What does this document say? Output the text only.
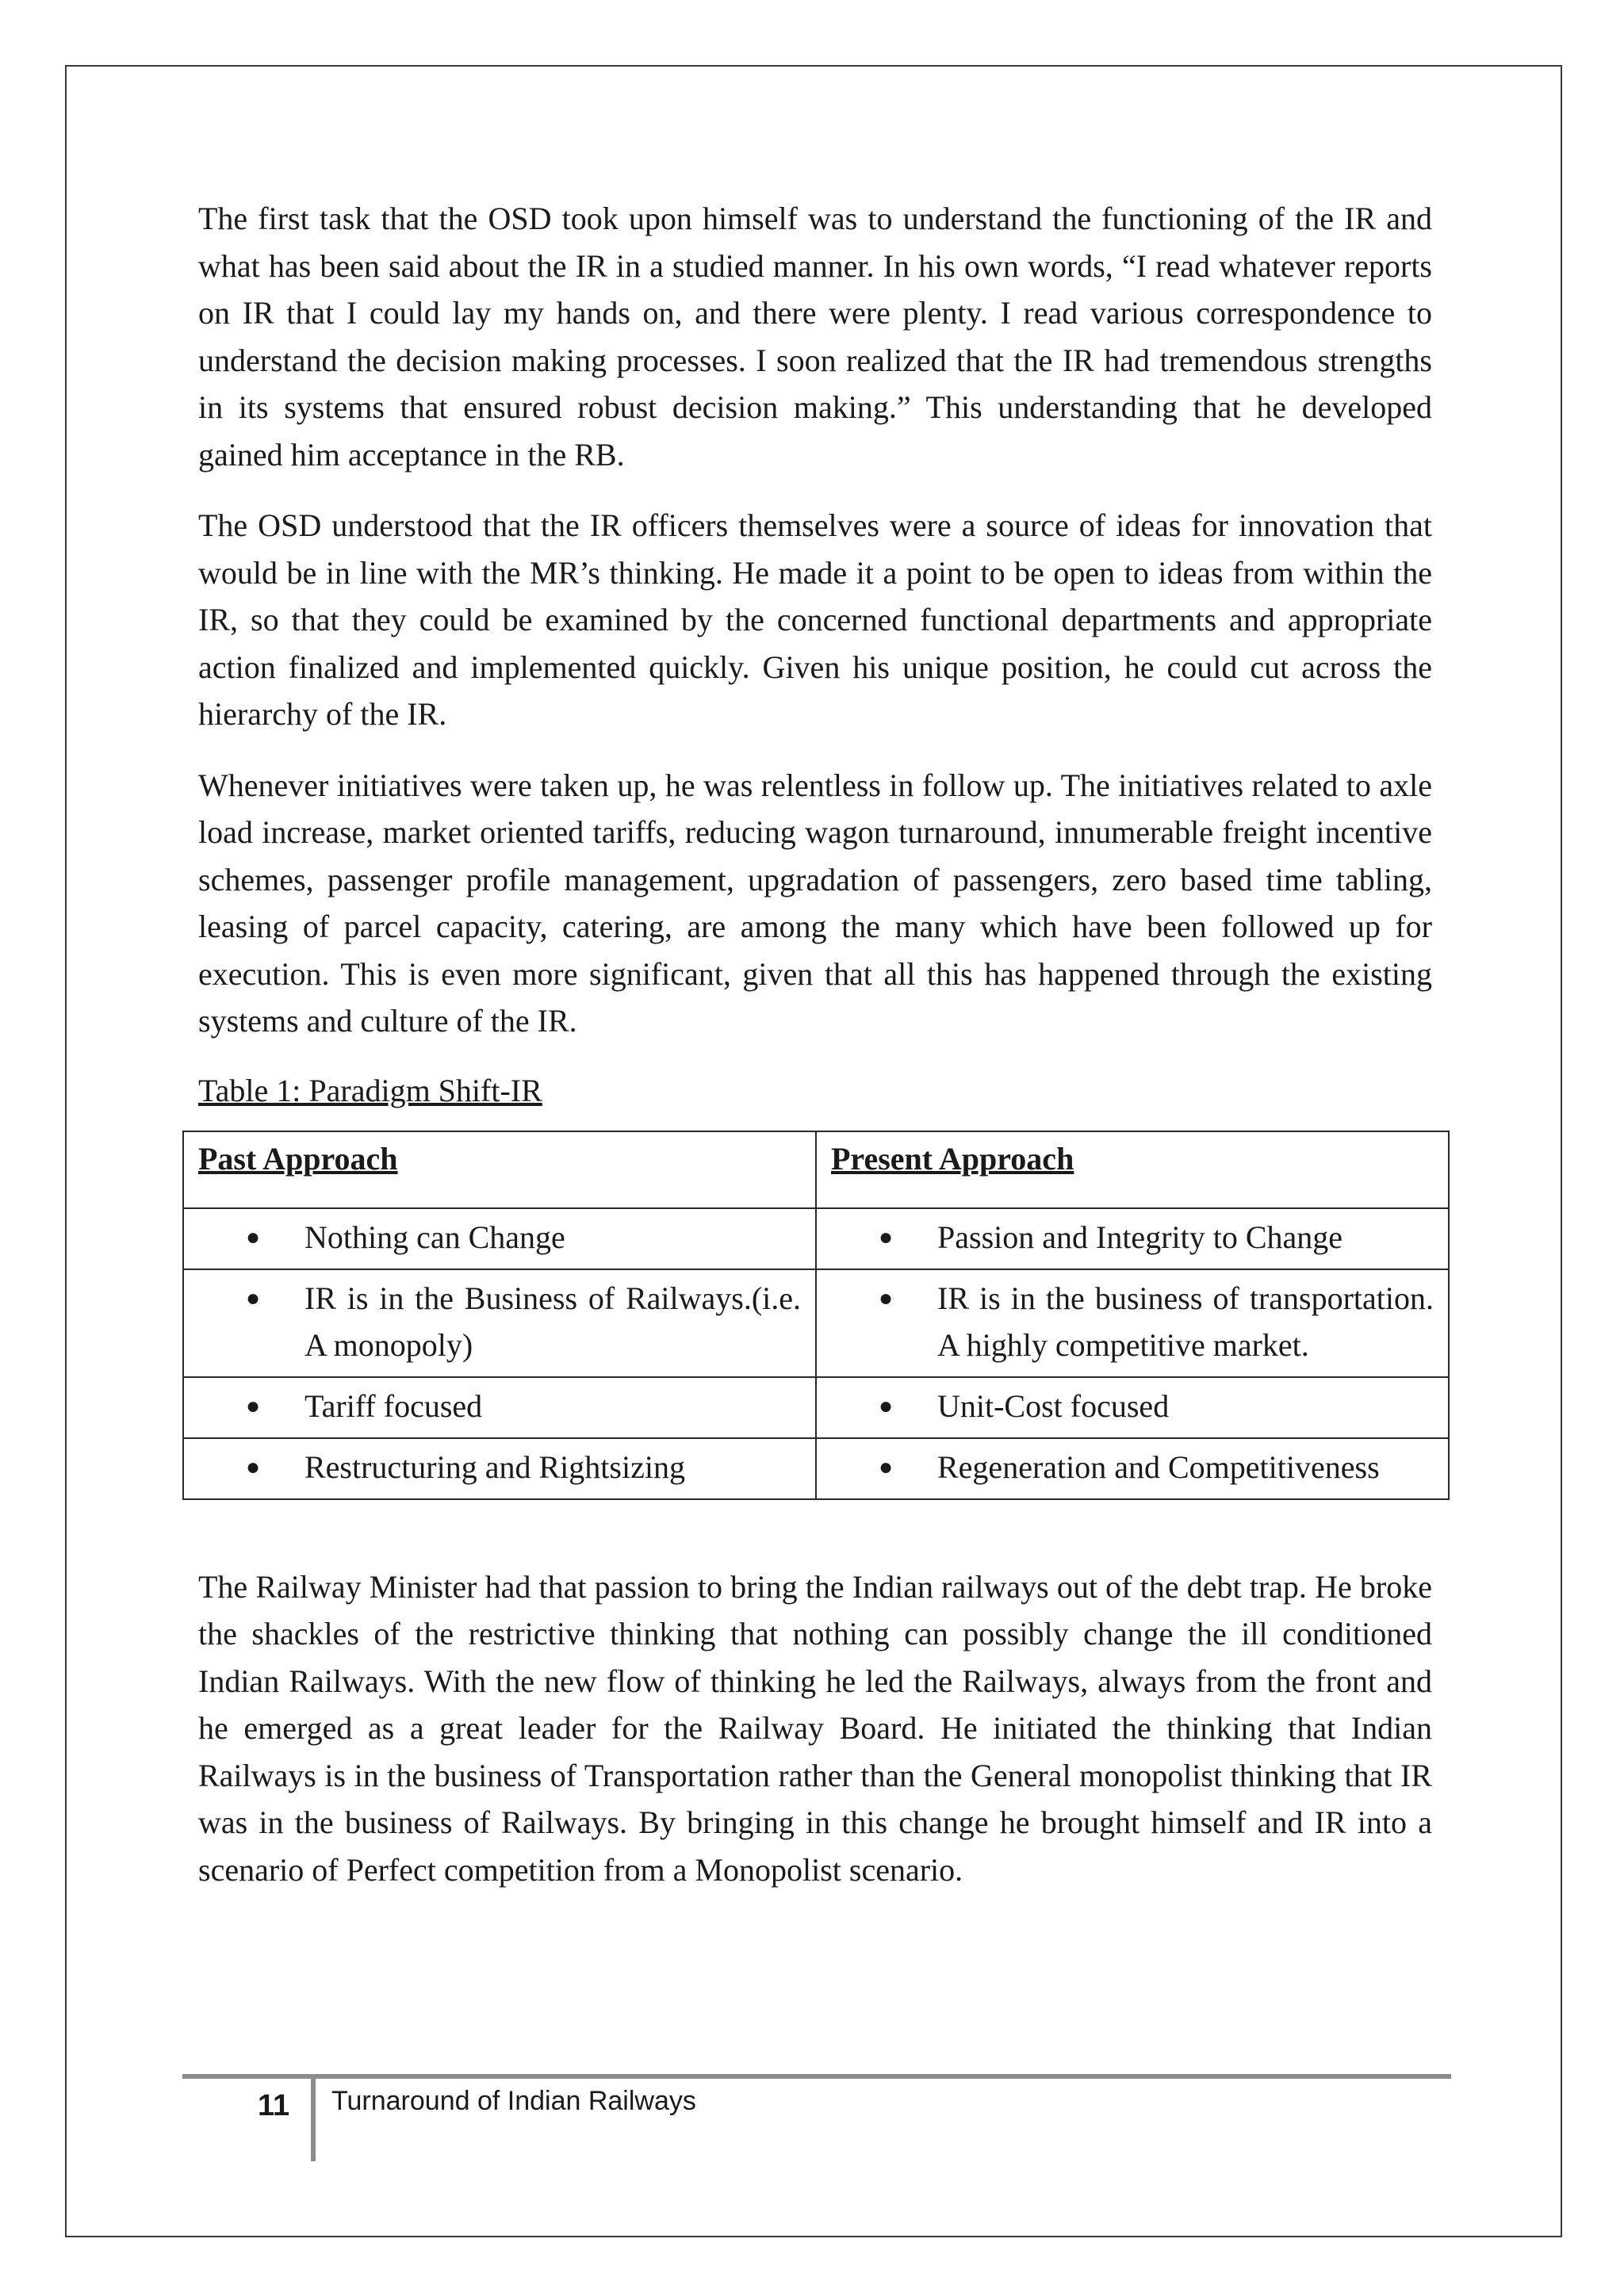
The first task that the OSD took upon himself was to understand the functioning of the IR and what has been said about the IR in a studied manner. In his own words, “I read whatever reports on IR that I could lay my hands on, and there were plenty. I read various correspondence to understand the decision making processes. I soon realized that the IR had tremendous strengths in its systems that ensured robust decision making.” This understanding that he developed gained him acceptance in the RB.

The OSD understood that the IR officers themselves were a source of ideas for innovation that would be in line with the MR’s thinking. He made it a point to be open to ideas from within the IR, so that they could be examined by the concerned functional departments and appropriate action finalized and implemented quickly. Given his unique position, he could cut across the hierarchy of the IR.

Whenever initiatives were taken up, he was relentless in follow up. The initiatives related to axle load increase, market oriented tariffs, reducing wagon turnaround, innumerable freight incentive schemes, passenger profile management, upgradation of passengers, zero based time tabling, leasing of parcel capacity, catering, are among the many which have been followed up for execution. This is even more significant, given that all this has happened through the existing systems and culture of the IR.

Table 1: Paradigm Shift-IR

Past Approach	Present Approach

● Nothing can Change	● Passion and Integrity to Change

● IR is in the Business of Railways.(i.e. A monopoly)	● IR is in the business of transportation. A highly competitive market.

● Tariff focused	● Unit-Cost focused

● Restructuring and Rightsizing	● Regeneration and Competitiveness

The Railway Minister had that passion to bring the Indian railways out of the debt trap. He broke the shackles of the restrictive thinking that nothing can possibly change the ill conditioned Indian Railways. With the new flow of thinking he led the Railways, always from the front and he emerged as a great leader for the Railway Board. He initiated the thinking that Indian Railways is in the business of Transportation rather than the General monopolist thinking that IR was in the business of Railways. By bringing in this change he brought himself and IR into a scenario of Perfect competition from a Monopolist scenario.

11 Turnaround of Indian Railways
